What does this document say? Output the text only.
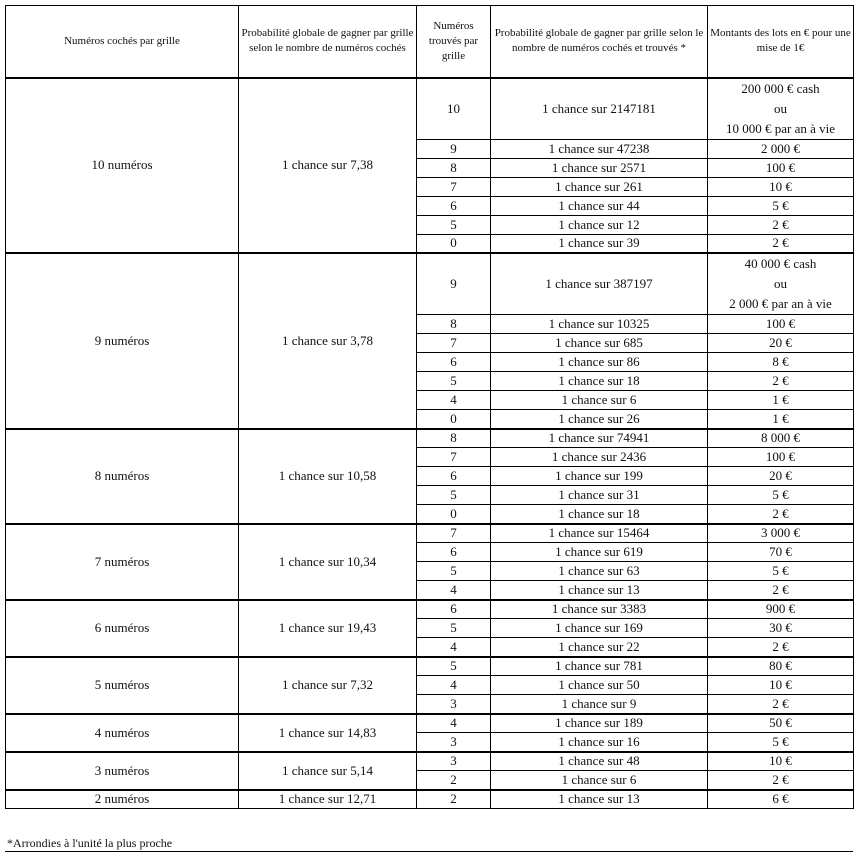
Numéros cochés par grille	Probabilité globale de gagner par grille selon le nombre de numéros cochés	Numéros trouvés par grille	Probabilité globale de gagner par grille selon le nombre de numéros cochés et trouvés *	Montants des lots en € pour une mise de 1€
10 numéros	1 chance sur 7,38	10	1 chance sur 2147181	200 000 € cash
ou
10 000 € par an à vie

		9	1 chance sur 47238	2 000 €
		8	1 chance sur 2571	100 €
		7	1 chance sur 261	10 €
		6	1 chance sur 44	5 €
		5	1 chance sur 12	2 €
		0	1 chance sur 39	2 €
9 numéros	1 chance sur 3,78	9	1 chance sur 387197	40 000 € cash
ou
2 000 € par an à vie

		8	1 chance sur 10325	100 €
		7	1 chance sur 685	20 €
		6	1 chance sur 86	8 €
		5	1 chance sur 18	2 €
		4	1 chance sur 6	1 €
		0	1 chance sur 26	1 €
8 numéros	1 chance sur 10,58	8	1 chance sur 74941	8 000 €
		7	1 chance sur 2436	100 €
		6	1 chance sur 199	20 €
		5	1 chance sur 31	5 €
		0	1 chance sur 18	2 €
7 numéros	1 chance sur 10,34	7	1 chance sur 15464	3 000 €
		6	1 chance sur 619	70 €
		5	1 chance sur 63	5 €
		4	1 chance sur 13	2 €
6 numéros	1 chance sur 19,43	6	1 chance sur 3383	900 €
		5	1 chance sur 169	30 €
		4	1 chance sur 22	2 €
5 numéros	1 chance sur 7,32	5	1 chance sur 781	80 €
		4	1 chance sur 50	10 €
		3	1 chance sur 9	2 €
4 numéros	1 chance sur 14,83	4	1 chance sur 189	50 €
		3	1 chance sur 16	5 €
3 numéros	1 chance sur 5,14	3	1 chance sur 48	10 €
		2	1 chance sur 6	2 €
2 numéros	1 chance sur 12,71	2	1 chance sur 13	6 €
*Arrondies à l'unité la plus proche
